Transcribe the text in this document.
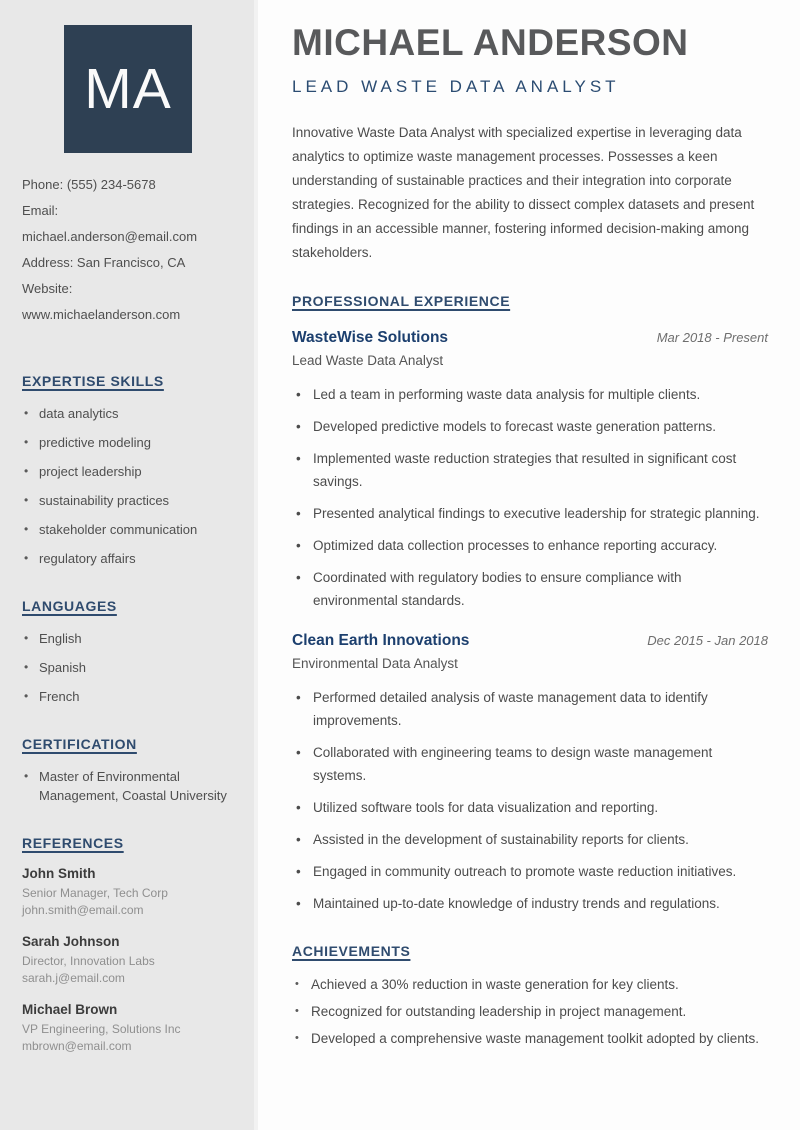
MA
Phone: (555) 234-5678
Email: michael.anderson@email.com
Address: San Francisco, CA
Website: www.michaelanderson.com
EXPERTISE SKILLS
• data analytics
• predictive modeling
• project leadership
• sustainability practices
• stakeholder communication
• regulatory affairs
LANGUAGES
• English
• Spanish
• French
CERTIFICATION
• Master of Environmental Management, Coastal University
REFERENCES
John Smith
Senior Manager, Tech Corp
john.smith@email.com
Sarah Johnson
Director, Innovation Labs
sarah.j@email.com
Michael Brown
VP Engineering, Solutions Inc
mbrown@email.com
MICHAEL ANDERSON
LEAD WASTE DATA ANALYST

Innovative Waste Data Analyst with specialized expertise in leveraging data analytics to optimize waste management processes. Possesses a keen understanding of sustainable practices and their integration into corporate strategies. Recognized for the ability to dissect complex datasets and present findings in an accessible manner, fostering informed decision-making among stakeholders.

PROFESSIONAL EXPERIENCE
WasteWise Solutions	Mar 2018 - Present
Lead Waste Data Analyst
• Led a team in performing waste data analysis for multiple clients.
• Developed predictive models to forecast waste generation patterns.
• Implemented waste reduction strategies that resulted in significant cost savings.
• Presented analytical findings to executive leadership for strategic planning.
• Optimized data collection processes to enhance reporting accuracy.
• Coordinated with regulatory bodies to ensure compliance with environmental standards.
Clean Earth Innovations	Dec 2015 - Jan 2018
Environmental Data Analyst
• Performed detailed analysis of waste management data to identify improvements.
• Collaborated with engineering teams to design waste management systems.
• Utilized software tools for data visualization and reporting.
• Assisted in the development of sustainability reports for clients.
• Engaged in community outreach to promote waste reduction initiatives.
• Maintained up-to-date knowledge of industry trends and regulations.
ACHIEVEMENTS
• Achieved a 30% reduction in waste generation for key clients.
• Recognized for outstanding leadership in project management.
• Developed a comprehensive waste management toolkit adopted by clients.
